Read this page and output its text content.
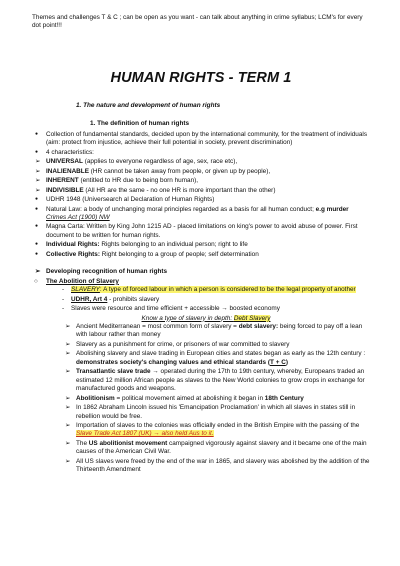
Themes and challenges T & C ; can be open as you want - can talk about anything in crime syllabus; LCM's for every dot point!!!
HUMAN RIGHTS - TERM 1
1. The nature and development of human rights
1. The definition of human rights
● Collection of fundamental standards, decided upon by the international community, for the treatment of individuals (aim: protect from injustice, achieve their full potential in society, prevent discrimination)
● 4 characteristics:
➢ UNIVERSAL (applies to everyone regardless of age, sex, race etc),
➢ INALIENABLE (HR cannot be taken away from people, or given up by people),
➢ INHERENT (entitled to HR due to being born human),
➢ INDIVISIBLE (All HR are the same - no one HR is more important than the other)
● UDHR 1948 (Universearch al Declaration of Human Rights)
● Natural Law: a body of unchanging moral principles regarded as a basis for all human conduct; e.g murder Crimes Act (1900) NW
● Magna Carta: Written by King John 1215 AD - placed limitations on king's power to avoid abuse of power. First document to be written for human rights.
● Individual Rights: Rights belonging to an individual person; right to life
● Collective Rights: Right belonging to a group of people; self determination
➢ Developing recognition of human rights
○ The Abolition of Slavery
- SLAVERY: A type of forced labour in which a person is considered to be the legal property of another
- UDHR, Art 4 - prohibits slavery
- Slaves were resource and time efficient + accessible → boosted economy
Know a type of slavery in depth: Debt Slavery
➢ Ancient Mediterranean = most common form of slavery = debt slavery: being forced to pay off a lean with labour rather than money
➢ Slavery as a punishment for crime, or prisoners of war committed to slavery
➢ Abolishing slavery and slave trading in European cities and states began as early as the 12th century : demonstrates society's changing values and ethical standards (T + C)
➢ Transatlantic slave trade → operated during the 17th to 19th century, whereby, Europeans traded an estimated 12 million African people as slaves to the New World colonies to grow crops in exchange for manufactured goods and weapons.
➢ Abolitionism = political movement aimed at abolishing it began in 18th Century
➢ In 1862 Abraham Lincoln issued his 'Emancipation Proclamation' in which all slaves in states still in rebellion would be free.
➢ Importation of slaves to the colonies was officially ended in the British Empire with the passing of the Slave Trade Act 1807 (UK) → also held Aus to it.
➢ The US abolitionist movement campaigned vigorously against slavery and it became one of the main causes of the American Civil War.
➢ All US slaves were freed by the end of the war in 1865, and slavery was abolished by the addition of the Thirteenth Amendment
